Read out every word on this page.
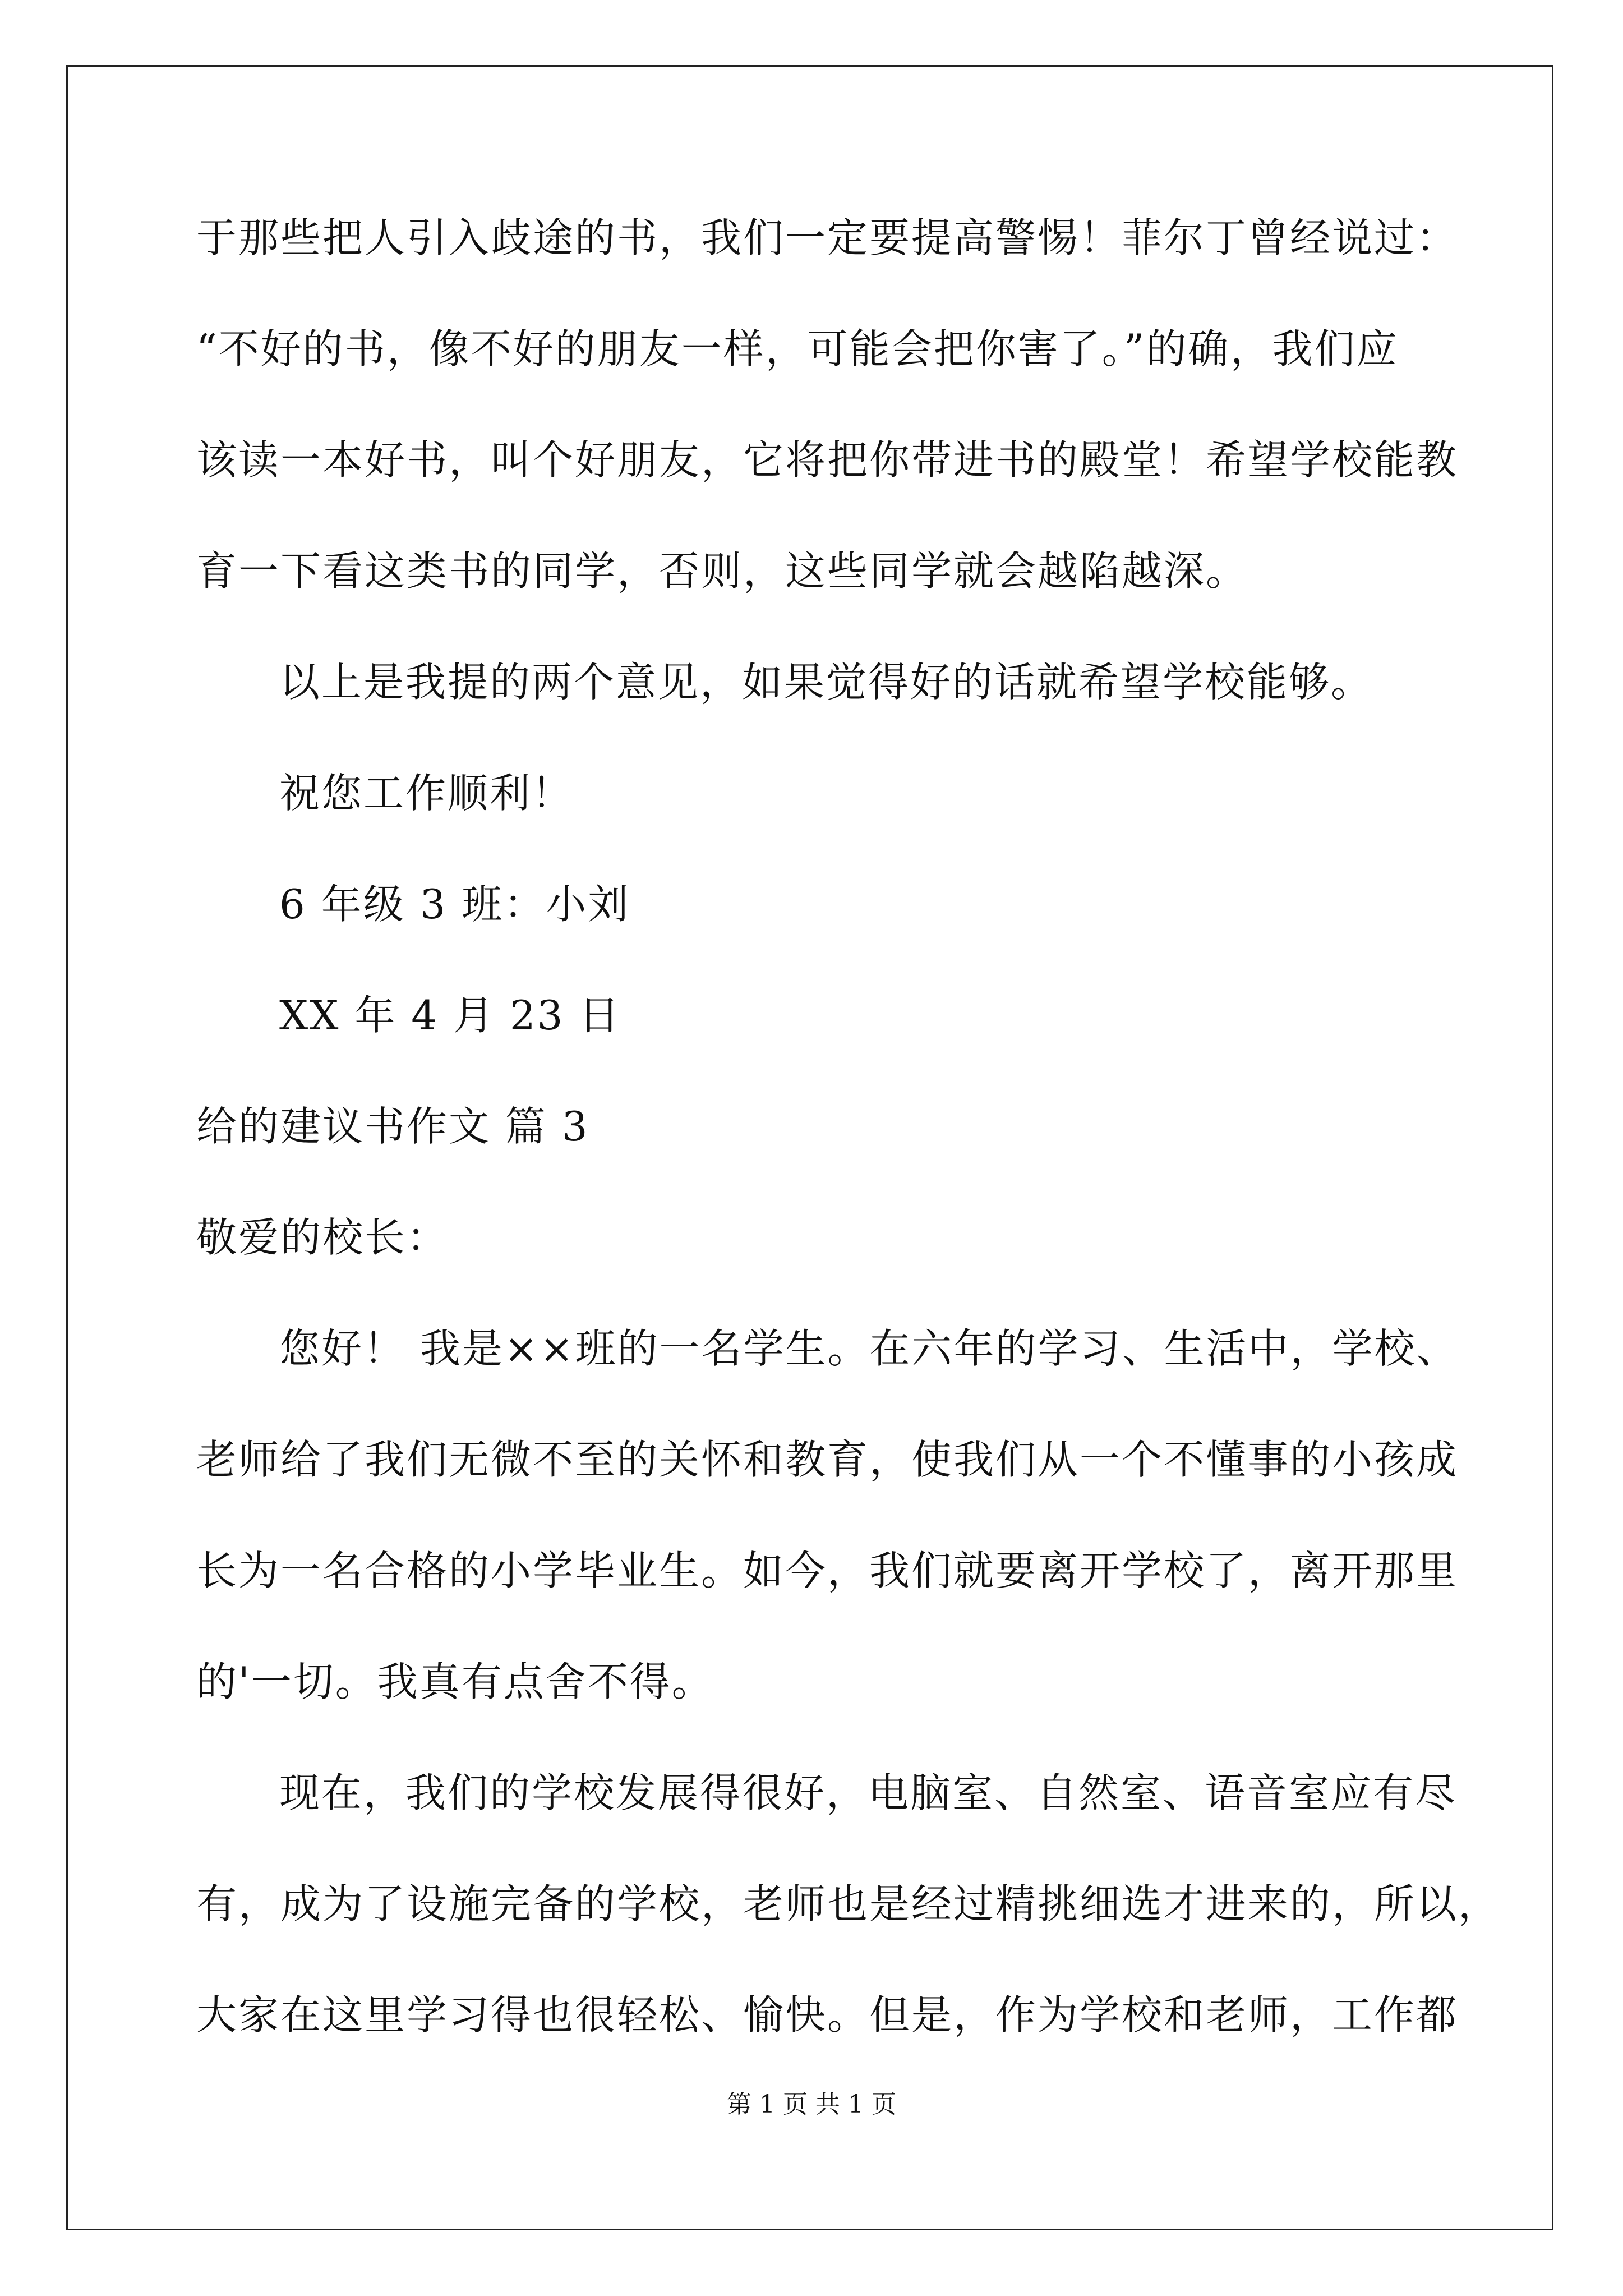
于那些把人引入歧途的书，我们一定要提高警惕！菲尔丁曾经说过：
“不好的书，像不好的朋友一样，可能会把你害了。”的确，我们应
该读一本好书，叫个好朋友，它将把你带进书的殿堂！希望学校能教
育一下看这类书的同学，否则，这些同学就会越陷越深。
以上是我提的两个意见，如果觉得好的话就希望学校能够。
祝您工作顺利！
6 年级 3 班：小刘
XX 年 4 月 23 日
给的建议书作文 篇 3
敬爱的校长：
您好！ 我是××班的一名学生。在六年的学习、生活中，学校、
老师给了我们无微不至的关怀和教育，使我们从一个不懂事的小孩成
长为一名合格的小学毕业生。如今，我们就要离开学校了，离开那里
的'一切。我真有点舍不得。
现在，我们的学校发展得很好，电脑室、自然室、语音室应有尽
有，成为了设施完备的学校，老师也是经过精挑细选才进来的，所以，
大家在这里学习得也很轻松、愉快。但是，作为学校和老师，工作都
第 1 页 共 1 页
